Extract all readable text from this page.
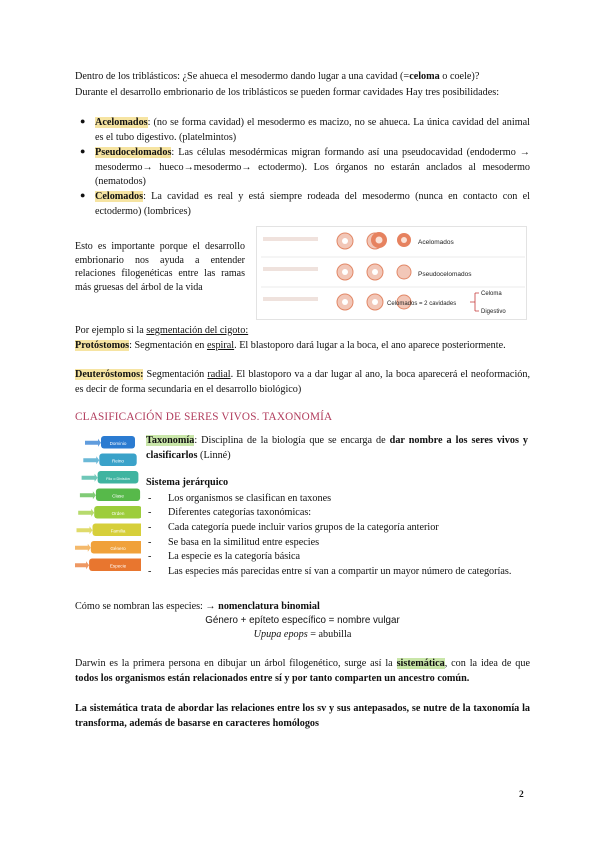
Dentro de los triblásticos: ¿Se ahueca el mesodermo dando lugar a una cavidad (=celoma o coele)?

Durante el desarrollo embrionario de los triblásticos se pueden formar cavidades Hay tres posibilidades:

● Acelomados: (no se forma cavidad) el mesodermo es macizo, no se ahueca. La única cavidad del animal es el tubo digestivo. (platelmintos)

● Pseudocelomados: Las células mesodérmicas migran formando así una pseudocavidad (endodermo → mesodermo→ hueco→mesodermo→ ectodermo). Los órganos no estarán anclados al mesodermo (nematodos)

● Celomados: La cavidad es real y está siempre rodeada del mesodermo (nunca en contacto con el ectodermo) (lombrices)

Esto es importante porque el desarrollo embrionario nos ayuda a entender relaciones filogenéticas entre las ramas más gruesas del árbol de la vida

Acelomados
Pseudocelomados
Celomados = 2 cavidades
Celoma
Digestivo

Por ejemplo si la segmentación del cigoto:

Protóstomos: Segmentación en espiral. El blastoporo dará lugar a la boca, el ano aparece posteriormente.

Deuteróstomos: Segmentación radial. El blastoporo va a dar lugar al ano, la boca aparecerá el neoformación, es decir de forma secundaria en el desarrollo biológico)

CLASIFICACIÓN DE SERES VIVOS. TAXONOMÍA
Dominio
Reino
Filo o División
Clase
Orden
Familia
Género
Especie

Taxonomía: Disciplina de la biología que se encarga de dar nombre a los seres vivos y clasificarlos (Linné)

Sistema jerárquico

- Los organismos se clasifican en taxones

- Diferentes categorías taxonómicas:

- Cada categoría puede incluir varios grupos de la categoría anterior

- Se basa en la similitud entre especies

- La especie es la categoría básica

- Las especies más parecidas entre sí van a compartir un mayor número de categorías.

Cómo se nombran las especies: → nomenclatura binomial

Género + epíteto específico = nombre vulgar

Upupa epops = abubilla

Darwin es la primera persona en dibujar un árbol filogenético, surge así la sistemática, con la idea de que todos los organismos están relacionados entre sí y por tanto comparten un ancestro común.

La sistemática trata de abordar las relaciones entre los sv y sus antepasados, se nutre de la taxonomía la transforma, además de basarse en caracteres homólogos

2
